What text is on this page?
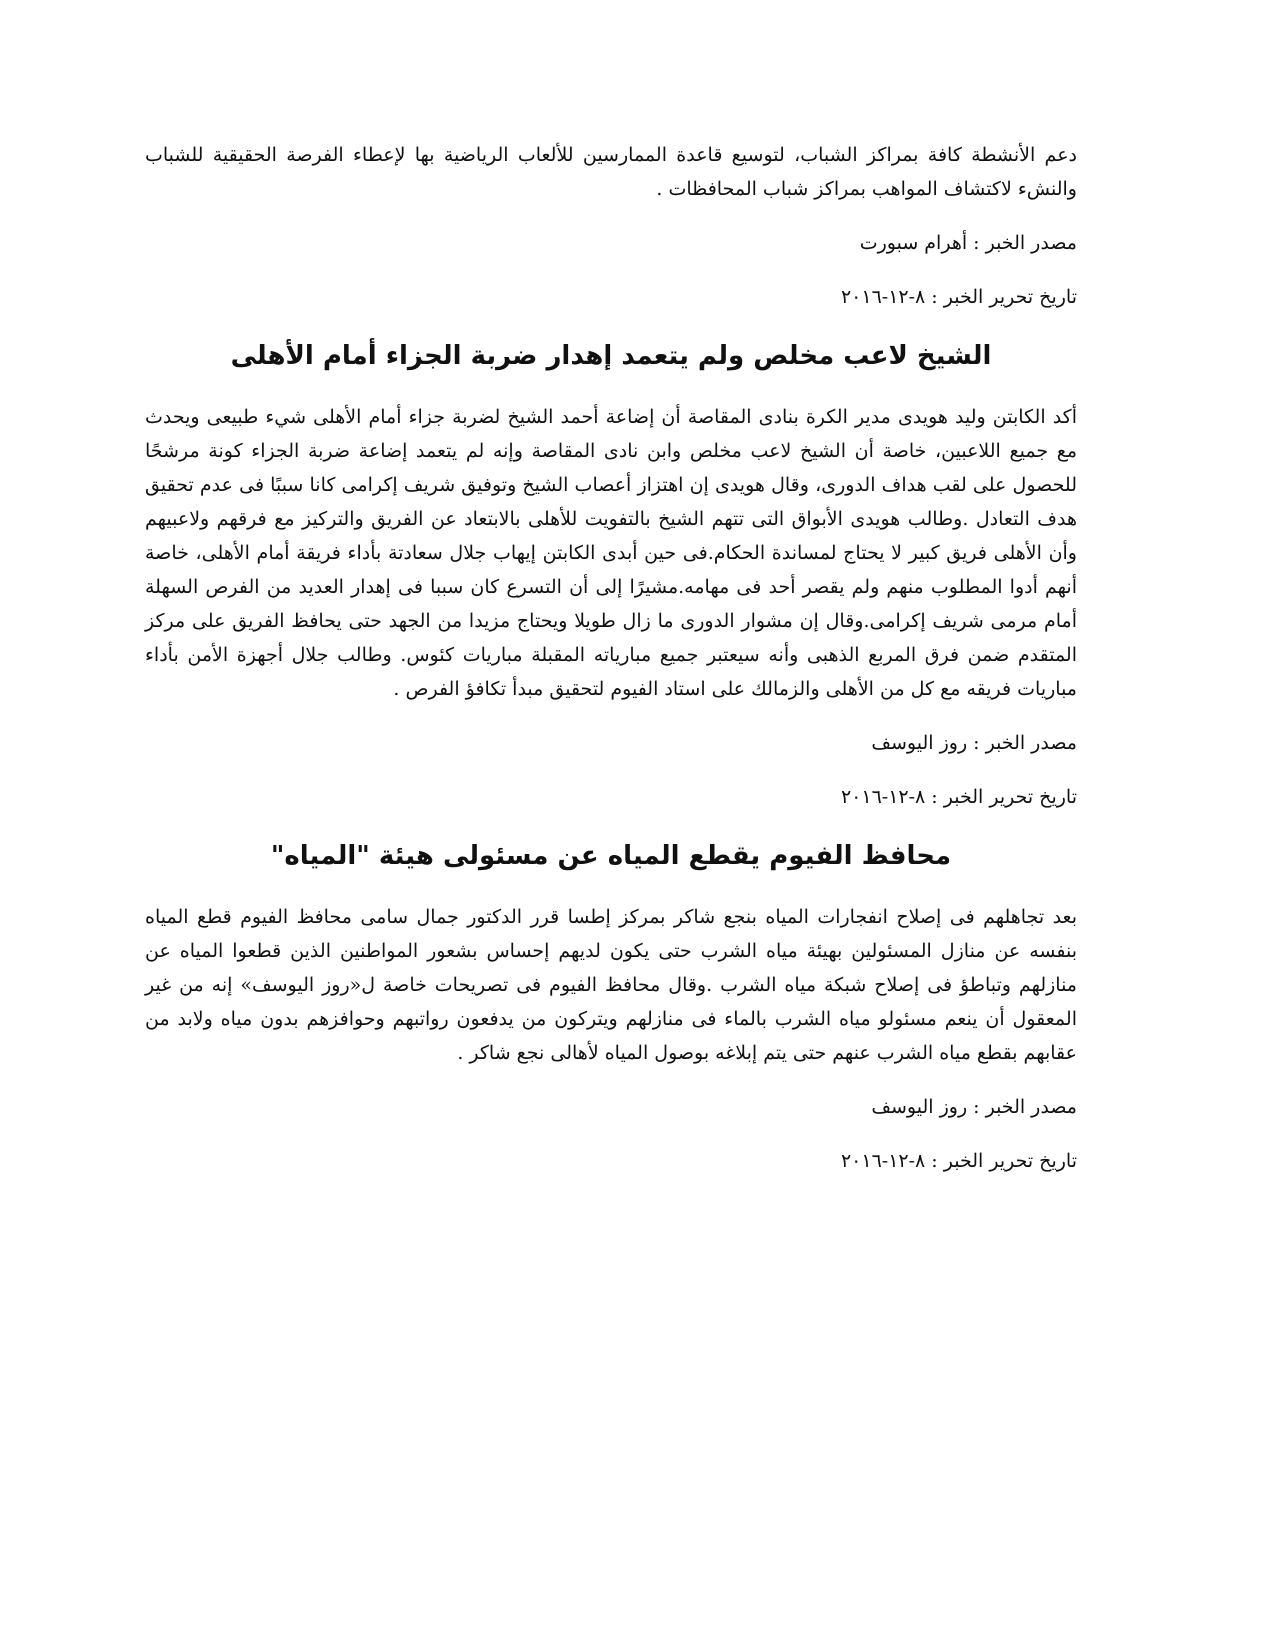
دعم الأنشطة كافة بمراكز الشباب، لتوسيع قاعدة الممارسين للألعاب الرياضية بها لإعطاء الفرصة الحقيقية للشباب والنشء لاكتشاف المواهب بمراكز شباب المحافظات .

مصدر الخبر : أهرام سبورت

تاريخ تحرير الخبر : ٨-١٢-٢٠١٦

الشيخ لاعب مخلص ولم يتعمد إهدار ضربة الجزاء أمام الأهلى

أكد الكابتن وليد هويدى مدير الكرة بنادى المقاصة أن إضاعة أحمد الشيخ لضربة جزاء أمام الأهلى شيء طبيعى ويحدث مع جميع اللاعبين، خاصة أن الشيخ لاعب مخلص وابن نادى المقاصة وإنه لم يتعمد إضاعة ضربة الجزاء كونة مرشحًا للحصول على لقب هداف الدورى، وقال هويدى إن اهتزاز أعصاب الشيخ وتوفيق شريف إكرامى كانا سببًا فى عدم تحقيق هدف التعادل .وطالب هويدى الأبواق التى تتهم الشيخ بالتفويت للأهلى بالابتعاد عن الفريق والتركيز مع فرقهم ولاعبيهم وأن الأهلى فريق كبير لا يحتاج لمساندة الحكام.فى حين أبدى الكابتن إيهاب جلال سعادتة بأداء فريقة أمام الأهلى، خاصة أنهم أدوا المطلوب منهم ولم يقصر أحد فى مهامه.مشيرًا إلى أن التسرع كان سببا فى إهدار العديد من الفرص السهلة أمام مرمى شريف إكرامى.وقال إن مشوار الدورى ما زال طويلا ويحتاج مزيدا من الجهد حتى يحافظ الفريق على مركز المتقدم ضمن فرق المربع الذهبى وأنه سيعتبر جميع مبارياته المقبلة مباريات كئوس. وطالب جلال أجهزة الأمن بأداء مباريات فريقه مع كل من الأهلى والزمالك على استاد الفيوم لتحقيق مبدأ تكافؤ الفرص .

مصدر الخبر : روز اليوسف

تاريخ تحرير الخبر : ٨-١٢-٢٠١٦

محافظ الفيوم يقطع المياه عن مسئولى هيئة "المياه"

بعد تجاهلهم فى إصلاح انفجارات المياه بنجع شاكر بمركز إطسا قرر الدكتور جمال سامى محافظ الفيوم قطع المياه بنفسه عن منازل المسئولين بهيئة مياه الشرب حتى يكون لديهم إحساس بشعور المواطنين الذين قطعوا المياه عن منازلهم وتباطؤ فى إصلاح شبكة مياه الشرب .وقال محافظ الفيوم فى تصريحات خاصة ل«روز اليوسف» إنه من غير المعقول أن ينعم مسئولو مياه الشرب بالماء فى منازلهم ويتركون من يدفعون رواتبهم وحوافزهم بدون مياه ولابد من عقابهم بقطع مياه الشرب عنهم حتى يتم إبلاغه بوصول المياه لأهالى نجع شاكر .

مصدر الخبر : روز اليوسف

تاريخ تحرير الخبر : ٨-١٢-٢٠١٦
